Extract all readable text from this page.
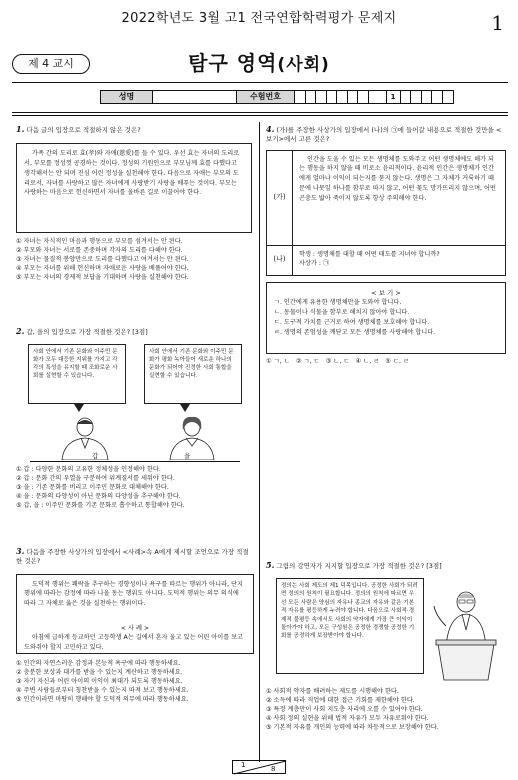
2022학년도 3월 고1 전국연합학력평가 문제지	1
제 4 교시	탐구 영역(사회)
성명	수험번호	1
1. 다음 글의 입장으로 적절하지 않은 것은?
가족 간의 도리로 효(孝)와 자애(慈愛)를 들 수 있다. 우선 효는 자녀의 도리로서, 부모를 정성껏 공경하는 것이다. 정성의 기원인으로 부모님께 효를 다했다고 생각해서는 안 되며 진심 어린 정성을 실천해야 한다. 다음으로 자애는 부모의 도리로서, 자녀를 사랑하고 많은 자녀에게 사랑받기 사랑을 베푸는 것이다. 부모는 사랑하는 마음으로 헌신하면서 자녀를 올바른 길로 이끌어야 한다.
① 자녀는 자식적인 마음과 행동으로 부모를 섬겨서는 안 된다.
② 부모와 자녀는 서로를 존중하며 각자의 도리를 다해야 한다.
③ 자녀는 물질적 봉양만으로 도리를 다했다고 여겨서는 안 된다.
④ 부모는 자녀를 위해 헌신하며 자애로운 사랑을 베풀어야 한다.
⑤ 부모는 자녀의 경제적 보답을 기대하며 사랑을 실천해야 한다.
2. 갑, 을의 입장으로 가장 적절한 것은? [3점]
사회 안에서 기존 문화와 이주민 문화가 모두 대등한 지위를 가지고 각각의 특성을 유지할 때 조화로운 사회를 실현할 수 있습니다.
사회 안에서 기존 문화와 이주민 문화가 평화 녹아들어 새로운 하나의 문화가 되어야 진정한 사회 통합을 실현할 수 있습니다.
갑	을
① 갑 : 다양한 문화의 고유한 정체성을 인정해야 한다.
② 갑 : 문화 간의 우열을 구분하여 위계질서를 세워야 한다.
③ 을 : 기존 문화를 버리고 이주민 문화로 대체해야 한다.
④ 을 : 문화의 다양성이 아닌 문화의 다양성을 추구해야 한다.
⑤ 갑, 을 : 이주민 문화를 기존 문화로 흡수하고 통합해야 한다.
3. 다음을 주장한 사상가의 입장에서 <사례>속 A에게 제시할 조언으로 가장 적절한 것은?
도덕적 행위는 쾌락을 추구하는 경향성이나 욕구를 따르는 행위가 아니라, 단지 행위에 따라는 감정에 따라 나올 동는 행위도 아니다. 도덕적 행위는 의무 의식에 따라 그 자체로 옳은 것을 실천하는 행위이다.
< 사 례 >
아침에 급하게 등교하던 고등학생 A는 길에서 혼자 울고 있는 어린 아이를 보고 도와줘야 할지 고민하고 있다.
① 인간의 자연스러운 감정과 본능적 욕구에 따라 행동하세요.
② 충분한 보상과 대가를 받을 수 있는지 계산하고 행동하세요.
③ 자기 자신과 어린 아이의 이익이 최대가 되도록 행동하세요.
④ 주변 사람들로부터 칭찬받을 수 있는지 따져 보고 행동하세요.
⑤ 인간이라면 마땅히 행해야 할 도덕적 의무에 따라 행동하세요.
4. (가)를 주장한 사상가의 입장에서 (나)의 ㉠에 들어갈 내용으로 적절한 것만을 <보기>에서 고른 것은?
(가)
인간을 도울 수 있는 모든 생명체를 도와주고 어떤 생명체에도 해가 되는 행동을 하지 않을 때 비로소 윤리적이다. 윤리적 인간은 생명체가 인간에게 얼마나 이익이 되는지를 묻지 않는다. 생명은 그 자체가 거룩하기 때문에 나뭇잎 하나를 함부로 따지 않고, 어떤 꽃도 망가뜨리지 않으며, 어떤 곤충도 밟아 죽이지 않도록 항상 주의해야 한다.
(나)
학생 : 생명체를 대할 때 어떤 태도를 지녀야 합니까?
사상가 : ㉠
< 보 기 >
ㄱ. 인간에게 유용한 생명체만을 도와야 합니다.
ㄴ. 동물이나 식물을 함부로 해치지 않아야 합니다.
ㄷ. 도구적 가치를 근거로 하여 생명체를 보호해야 합니다.
ㄹ. 생명의 존엄성을 깨닫고 모든 생명체를 사랑해야 합니다.
① ㄱ, ㄴ   ② ㄱ, ㄷ   ③ ㄴ, ㄷ   ④ ㄴ, ㄹ   ⑤ ㄷ, ㄹ
5. 그림의 강연자가 지지할 입장으로 가장 적절한 것은? [3점]
정의는 사회 제도의 제1 덕목입니다. 공정한 사회가 되려면 정의의 원칙이 필요합니다. 정의의 원칙에 따르면 우선 모든 사람은 양심의 자유나 종교의 자유와 같은 기본적 자유를 평등하게 누려야 합니다. 다음으로 사회적·경제적 불평등 속에서도 사회의 약자에게 가장 큰 이익이 돌아가야 하고, 모든 구성원은 공정한 경쟁할 공정한 기회를 공정하게 보장받아야 합니다.
① 사회적 약자를 배려하는 제도를 시행해야 한다.
② 소득에 따라 직업에 대한 접근 기회를 제한해야 한다.
③ 특정 계층만이 사회 지도층 자리에 오를 수 있어야 한다.
④ 사회 정의 실현을 위해 법적 자유가 모두 자유로워야 한다.
⑤ 기본적 자유를 개인의 능력에 따라 차등적으로 보장해야 한다.
1	8
